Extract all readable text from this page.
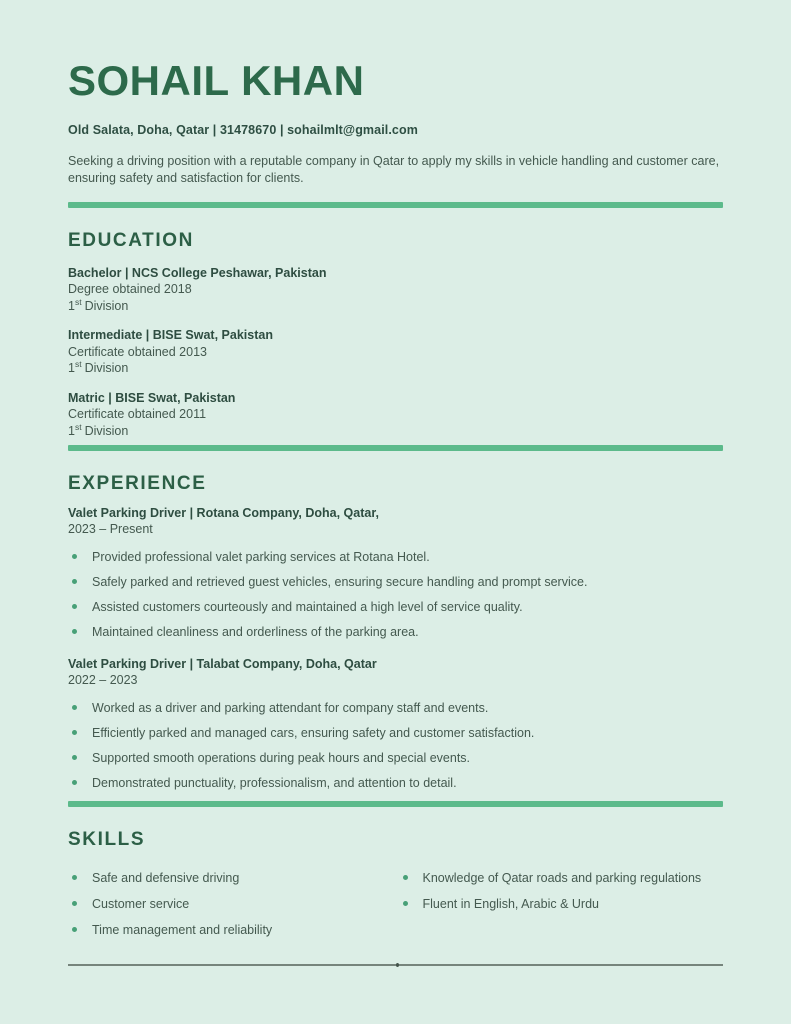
SOHAIL KHAN
Old Salata, Doha, Qatar | 31478670 | sohailmlt@gmail.com

Seeking a driving position with a reputable company in Qatar to apply my skills in vehicle handling and customer care, ensuring safety and satisfaction for clients.

EDUCATION
Bachelor | NCS College Peshawar, Pakistan
Degree obtained 2018
1st Division
Intermediate | BISE Swat, Pakistan
Certificate obtained 2013
1st Division
Matric | BISE Swat, Pakistan
Certificate obtained 2011
1st Division
EXPERIENCE
Valet Parking Driver | Rotana Company, Doha, Qatar,
2023 – Present
Provided professional valet parking services at Rotana Hotel.
Safely parked and retrieved guest vehicles, ensuring secure handling and prompt service.
Assisted customers courteously and maintained a high level of service quality.
Maintained cleanliness and orderliness of the parking area.
Valet Parking Driver | Talabat Company, Doha, Qatar
2022 – 2023
Worked as a driver and parking attendant for company staff and events.
Efficiently parked and managed cars, ensuring safety and customer satisfaction.
Supported smooth operations during peak hours and special events.
Demonstrated punctuality, professionalism, and attention to detail.
SKILLS
Safe and defensive driving
Customer service
Time management and reliability
Knowledge of Qatar roads and parking regulations
Fluent in English, Arabic & Urdu
